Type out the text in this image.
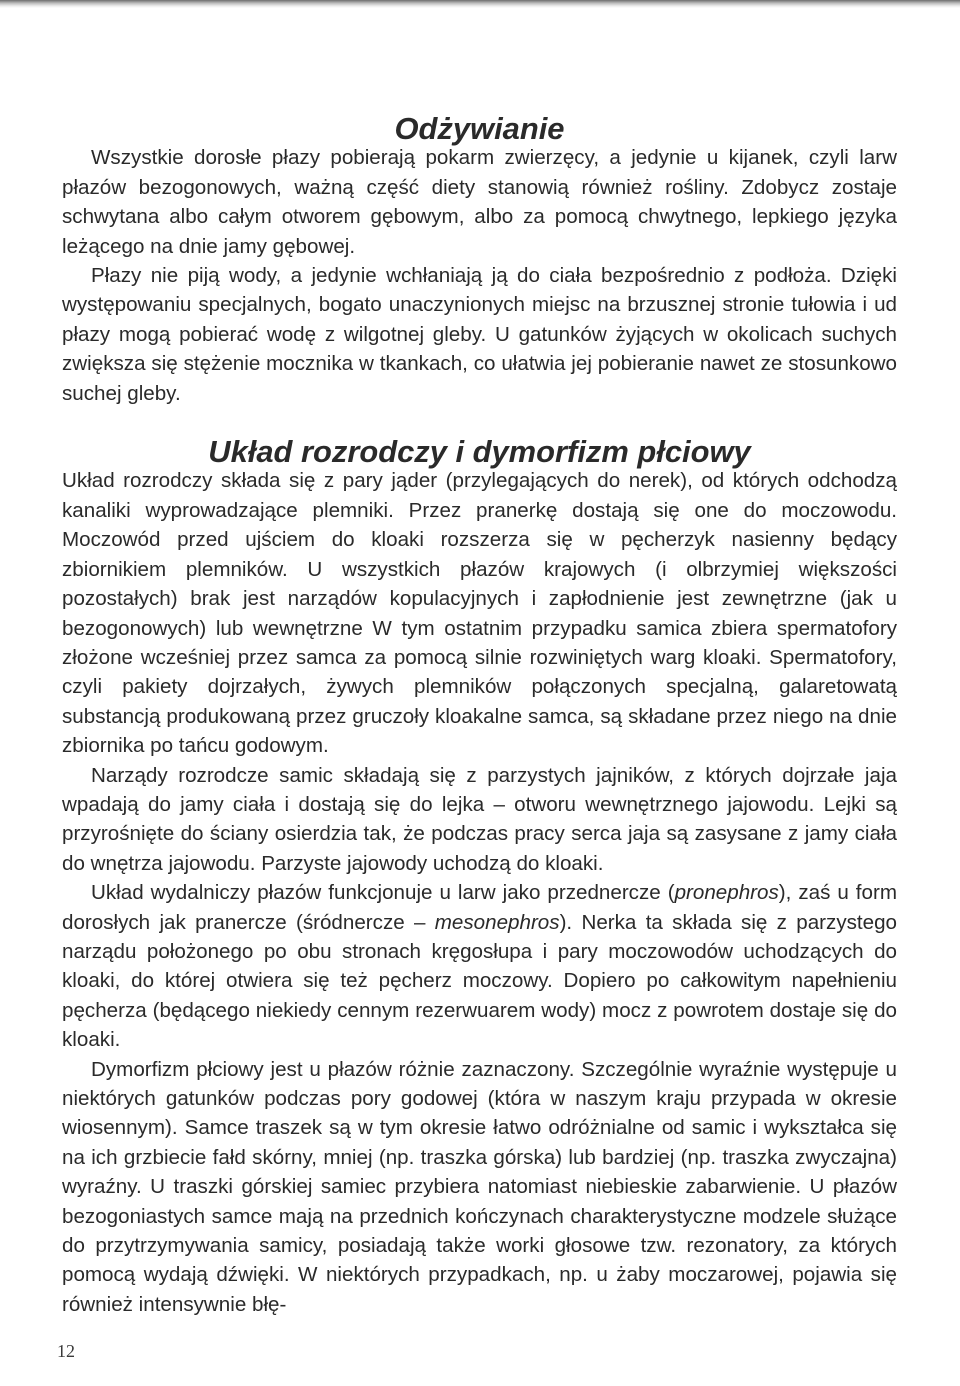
Odżywianie

Wszystkie dorosłe płazy pobierają pokarm zwierzęcy, a jedynie u kijanek, czyli larw płazów bezogonowych, ważną część diety stanowią również rośliny. Zdobycz zostaje schwytana albo całym otworem gębowym, albo za pomocą chwytnego, lepkiego języka leżącego na dnie jamy gębowej.

Płazy nie piją wody, a jedynie wchłaniają ją do ciała bezpośrednio z podłoża. Dzięki występowaniu specjalnych, bogato unaczynionych miejsc na brzusznej stronie tułowia i ud płazy mogą pobierać wodę z wilgotnej gleby. U gatunków żyjących w okolicach suchych zwiększa się stężenie mocznika w tkankach, co ułatwia jej pobieranie nawet ze stosunkowo suchej gleby.

Układ rozrodczy i dymorfizm płciowy

Układ rozrodczy składa się z pary jąder (przylegających do nerek), od których odchodzą kanaliki wyprowadzające plemniki. Przez pranerkę dostają się one do moczowodu. Moczowód przed ujściem do kloaki rozszerza się w pęcherzyk nasienny będący zbiornikiem plemników. U wszystkich płazów krajowych (i olbrzymiej większości pozostałych) brak jest narządów kopulacyjnych i zapłodnienie jest zewnętrzne (jak u bezogonowych) lub wewnętrzne W tym ostatnim przypadku samica zbiera spermatofory złożone wcześniej przez samca za pomocą silnie rozwiniętych warg kloaki. Spermatofory, czyli pakiety dojrzałych, żywych plemników połączonych specjalną, galaretowatą substancją produkowaną przez gruczoły kloakalne samca, są składane przez niego na dnie zbiornika po tańcu godowym.

Narządy rozrodcze samic składają się z parzystych jajników, z których dojrzałe jaja wpadają do jamy ciała i dostają się do lejka – otworu wewnętrznego jajowodu. Lejki są przyrośnięte do ściany osierdzia tak, że podczas pracy serca jaja są zasysane z jamy ciała do wnętrza jajowodu. Parzyste jajowody uchodzą do kloaki.

Układ wydalniczy płazów funkcjonuje u larw jako przednercze (pronephros), zaś u form dorosłych jak pranercze (śródnercze – mesonephros). Nerka ta składa się z parzystego narządu położonego po obu stronach kręgosłupa i pary moczowodów uchodzących do kloaki, do której otwiera się też pęcherz moczowy. Dopiero po całkowitym napełnieniu pęcherza (będącego niekiedy cennym rezerwuarem wody) mocz z powrotem dostaje się do kloaki.

Dymorfizm płciowy jest u płazów różnie zaznaczony. Szczególnie wyraźnie występuje u niektórych gatunków podczas pory godowej (która w naszym kraju przypada w okresie wiosennym). Samce traszek są w tym okresie łatwo odróżnialne od samic i wykształca się na ich grzbiecie fałd skórny, mniej (np. traszka górska) lub bardziej (np. traszka zwyczajna) wyraźny. U traszki górskiej samiec przybiera natomiast niebieskie zabarwienie. U płazów bezogoniastych samce mają na przednich kończynach charakterystyczne modzele służące do przytrzymywania samicy, posiadają także worki głosowe tzw. rezonatory, za których pomocą wydają dźwięki. W niektórych przypadkach, np. u żaby moczarowej, pojawia się również intensywnie błę-

12
